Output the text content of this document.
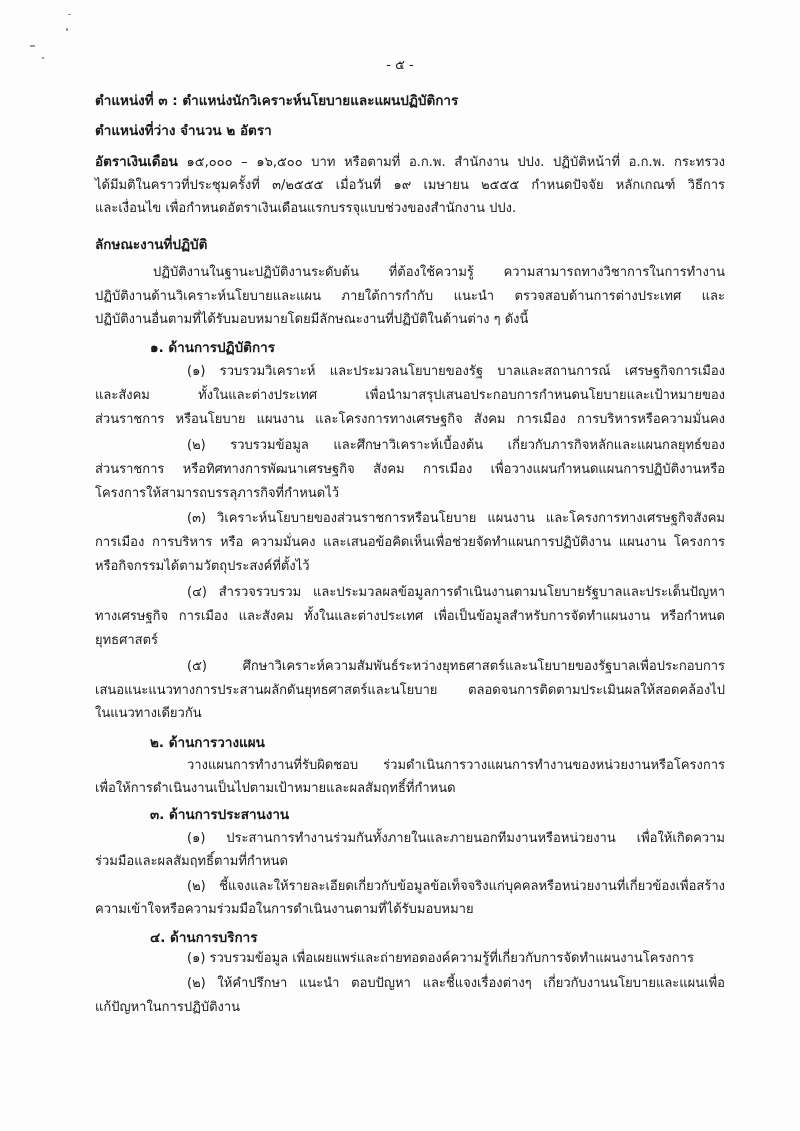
- ๕ -
ตำแหน่งที่ ๓ : ตำแหน่งนักวิเคราะห์นโยบายและแผนปฏิบัติการ
ตำแหน่งที่ว่าง จำนวน ๒ อัตรา
อัตราเงินเดือน ๑๕,๐๐๐ – ๑๖,๕๐๐ บาท หรือตามที่ อ.ก.พ. สำนักงาน ปปง. ปฏิบัติหน้าที่ อ.ก.พ. กระทรวง
ได้มีมติในคราวที่ประชุมครั้งที่ ๓/๒๕๕๕ เมื่อวันที่ ๑๙ เมษายน ๒๕๕๕ กำหนดปัจจัย หลักเกณฑ์ วิธีการ
และเงื่อนไข เพื่อกำหนดอัตราเงินเดือนแรกบรรจุแบบช่วงของสำนักงาน ปปง.
ลักษณะงานที่ปฏิบัติ
ปฏิบัติงานในฐานะปฏิบัติงานระดับต้น ที่ต้องใช้ความรู้ ความสามารถทางวิชาการในการทำงาน
ปฏิบัติงานด้านวิเคราะห์นโยบายและแผน ภายใต้การกำกับ แนะนำ ตรวจสอบด้านการต่างประเทศ และ
ปฏิบัติงานอื่นตามที่ได้รับมอบหมายโดยมีลักษณะงานที่ปฏิบัติในด้านต่าง ๆ ดังนี้
๑. ด้านการปฏิบัติการ
(๑) รวบรวมวิเคราะห์ และประมวลนโยบายของรัฐ บาลและสถานการณ์ เศรษฐกิจการเมือง
และสังคม ทั้งในและต่างประเทศ เพื่อนำมาสรุปเสนอประกอบการกำหนดนโยบายและเป้าหมายของ
ส่วนราชการ หรือนโยบาย แผนงาน และโครงการทางเศรษฐกิจ สังคม การเมือง การบริหารหรือความมั่นคง
(๒) รวบรวมข้อมูล และศึกษาวิเคราะห์เบื้องต้น เกี่ยวกับภารกิจหลักและแผนกลยุทธ์ของ
ส่วนราชการ หรือทิศทางการพัฒนาเศรษฐกิจ สังคม การเมือง เพื่อวางแผนกำหนดแผนการปฏิบัติงานหรือ
โครงการให้สามารถบรรลุภารกิจที่กำหนดไว้
(๓) วิเคราะห์นโยบายของส่วนราชการหรือนโยบาย แผนงาน และโครงการทางเศรษฐกิจสังคม
การเมือง การบริหาร หรือ ความมั่นคง และเสนอข้อคิดเห็นเพื่อช่วยจัดทำแผนการปฏิบัติงาน แผนงาน โครงการ
หรือกิจกรรมได้ตามวัตถุประสงค์ที่ตั้งไว้
(๔) สำรวจรวบรวม และประมวลผลข้อมูลการดำเนินงานตามนโยบายรัฐบาลและประเด็นปัญหา
ทางเศรษฐกิจ การเมือง และสังคม ทั้งในและต่างประเทศ เพื่อเป็นข้อมูลสำหรับการจัดทำแผนงาน หรือกำหนด
ยุทธศาสตร์
(๕) ศึกษาวิเคราะห์ความสัมพันธ์ระหว่างยุทธศาสตร์และนโยบายของรัฐบาลเพื่อประกอบการ
เสนอแนะแนวทางการประสานผลักดันยุทธศาสตร์และนโยบาย ตลอดจนการติดตามประเมินผลให้สอดคล้องไป
ในแนวทางเดียวกัน
๒. ด้านการวางแผน
วางแผนการทำงานที่รับผิดชอบ ร่วมดำเนินการวางแผนการทำงานของหน่วยงานหรือโครงการ
เพื่อให้การดำเนินงานเป็นไปตามเป้าหมายและผลสัมฤทธิ์ที่กำหนด
๓. ด้านการประสานงาน
(๑) ประสานการทำงานร่วมกันทั้งภายในและภายนอกทีมงานหรือหน่วยงาน เพื่อให้เกิดความ
ร่วมมือและผลสัมฤทธิ์ตามที่กำหนด
(๒) ชี้แจงและให้รายละเอียดเกี่ยวกับข้อมูลข้อเท็จจริงแก่บุคคลหรือหน่วยงานที่เกี่ยวข้องเพื่อสร้าง
ความเข้าใจหรือความร่วมมือในการดำเนินงานตามที่ได้รับมอบหมาย
๔. ด้านการบริการ
(๑) รวบรวมข้อมูล เพื่อเผยแพร่และถ่ายทอดองค์ความรู้ที่เกี่ยวกับการจัดทำแผนงานโครงการ
(๒) ให้คำปรึกษา แนะนำ ตอบปัญหา และชี้แจงเรื่องต่างๆ เกี่ยวกับงานนโยบายและแผนเพื่อ
แก้ปัญหาในการปฏิบัติงาน
